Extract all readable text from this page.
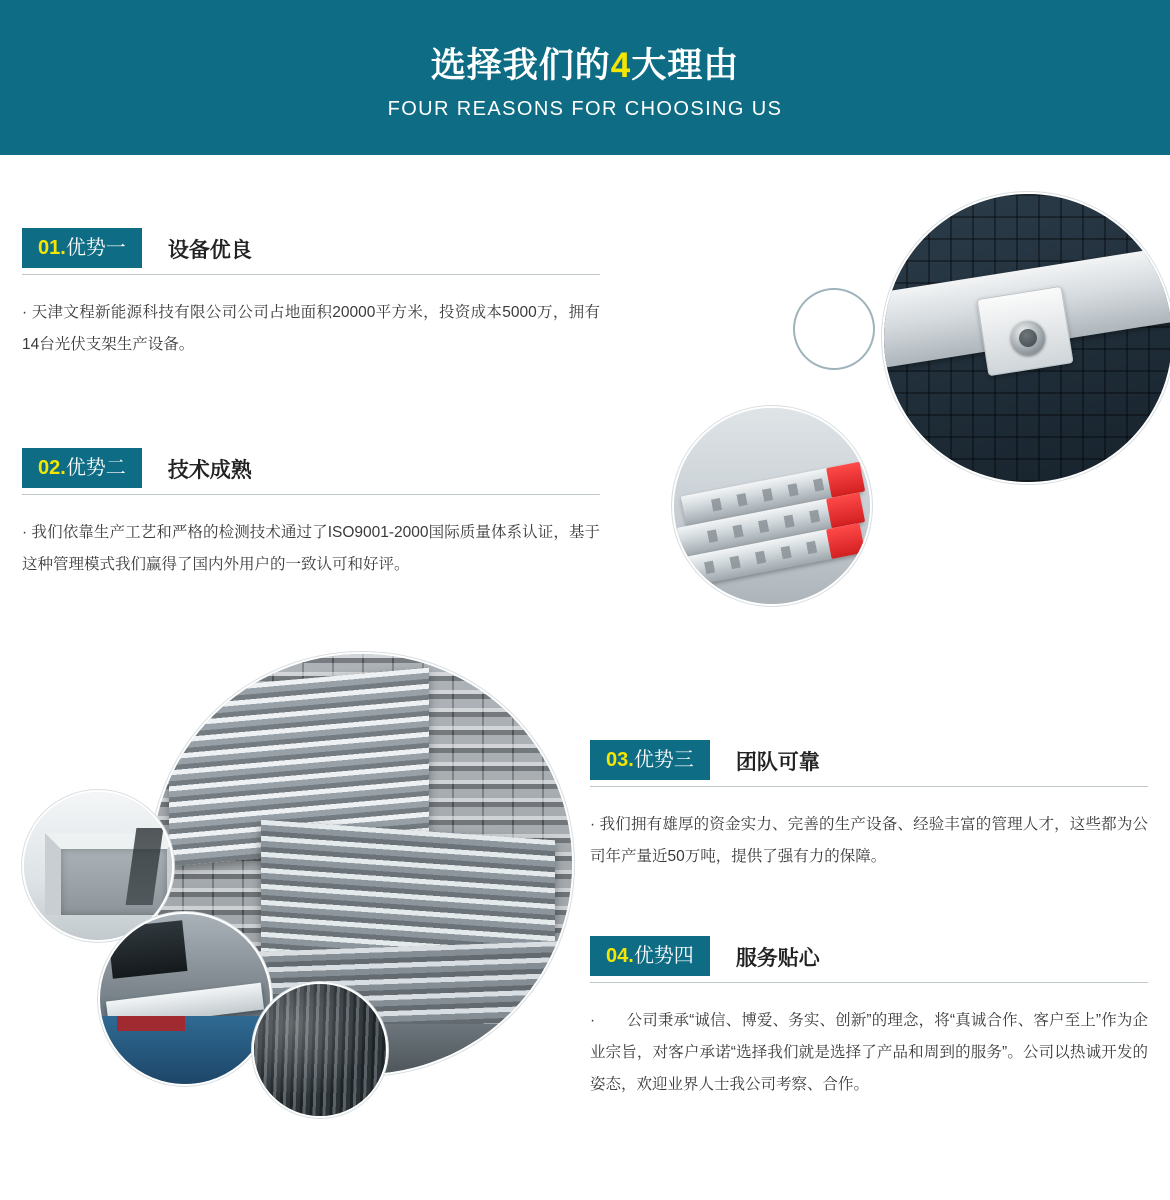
选择我们的4大理由
FOUR REASONS FOR CHOOSING US
01.优势一	设备优良
· 天津文程新能源科技有限公司公司占地面积20000平方米，投资成本5000万，拥有14台光伏支架生产设备。
02.优势二	技术成熟
· 我们依靠生产工艺和严格的检测技术通过了ISO9001-2000国际质量体系认证，基于这种管理模式我们赢得了国内外用户的一致认可和好评。
03.优势三	团队可靠
· 我们拥有雄厚的资金实力、完善的生产设备、经验丰富的管理人才，这些都为公司年产量近50万吨，提供了强有力的保障。
04.优势四	服务贴心
·　　公司秉承“诚信、博爱、务实、创新”的理念，将“真诚合作、客户至上”作为企业宗旨，对客户承诺“选择我们就是选择了产品和周到的服务”。公司以热诚开发的姿态，欢迎业界人士我公司考察、合作。
